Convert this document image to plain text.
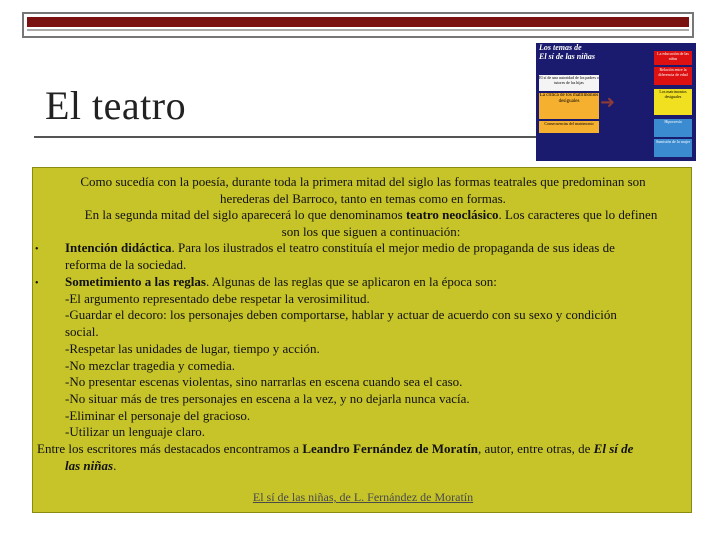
El teatro
Los temas de
El sí de las niñas
El sí de una autoridad de los padres o tutores de las hijas
La crítica de los matrimonios desiguales
Consecuencias del matrimonio
➜
La educación de las niñas
Relación entre la diferencia de edad
Los matrimonios desiguales
Hipocresía
Sumisión de la mujer
Como sucedía con la poesía, durante toda la primera mitad del siglo las formas teatrales que predominan son
herederas del Barroco, tanto en temas como en formas.
En la segunda mitad del siglo aparecerá lo que denominamos teatro neoclásico. Los caracteres que lo definen
son los que siguen a continuación:
• Intención didáctica. Para los ilustrados el teatro constituía el mejor medio de propaganda de sus ideas de
reforma de la sociedad.
• Sometimiento a las reglas. Algunas de las reglas que se aplicaron en la época son:
-El argumento representado debe respetar la verosimilitud.
-Guardar el decoro: los personajes deben comportarse, hablar y actuar de acuerdo con su sexo y condición
social.
-Respetar las unidades de lugar, tiempo y acción.
-No mezclar tragedia y comedia.
-No presentar escenas violentas, sino narrarlas en escena cuando sea el caso.
-No situar más de tres personajes en escena a la vez, y no dejarla nunca vacía.
-Eliminar el personaje del gracioso.
-Utilizar un lenguaje claro.
Entre los escritores más destacados encontramos a Leandro Fernández de Moratín, autor, entre otras, de El sí de
las niñas.
El sí de las niñas, de L. Fernández de Moratín
